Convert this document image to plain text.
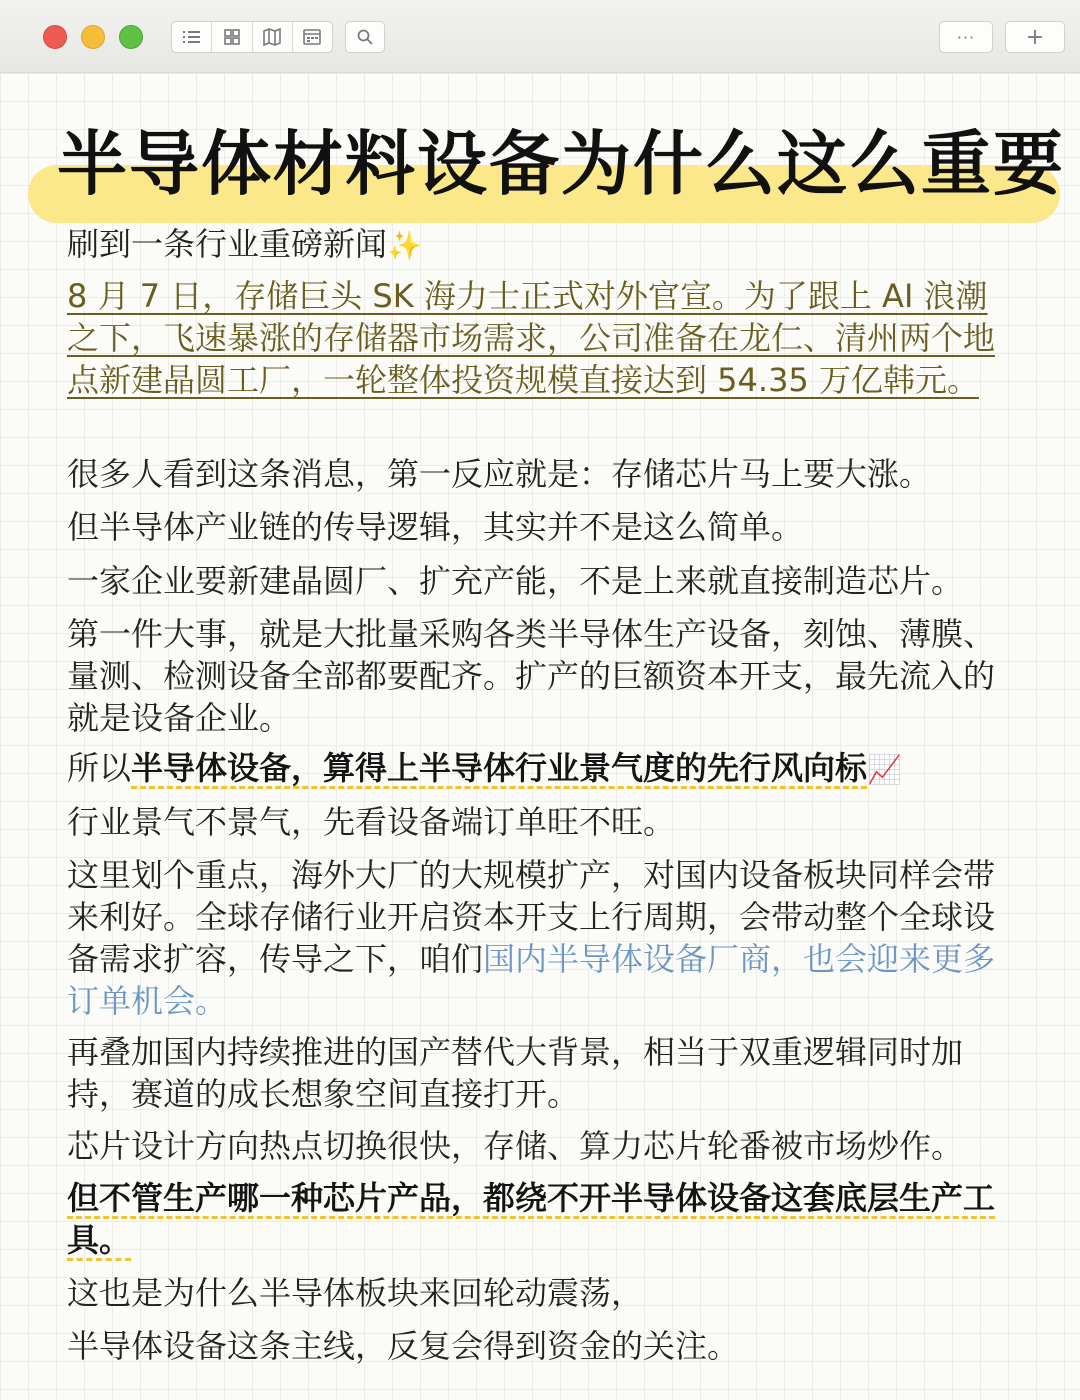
···	+
半导体材料设备为什么这么重要
刷到一条行业重磅新闻✨
8 月 7 日，存储巨头 SK 海力士正式对外官宣。为了跟上 AI 浪潮之下，飞速暴涨的存储器市场需求，公司准备在龙仁、清州两个地点新建晶圆工厂，一轮整体投资规模直接达到 54.35 万亿韩元。
很多人看到这条消息，第一反应就是：存储芯片马上要大涨。
但半导体产业链的传导逻辑，其实并不是这么简单。
一家企业要新建晶圆厂、扩充产能，不是上来就直接制造芯片。
第一件大事，就是大批量采购各类半导体生产设备，刻蚀、薄膜、量测、检测设备全部都要配齐。扩产的巨额资本开支，最先流入的就是设备企业。
所以半导体设备，算得上半导体行业景气度的先行风向标📈
行业景气不景气，先看设备端订单旺不旺。
这里划个重点，海外大厂的大规模扩产，对国内设备板块同样会带来利好。全球存储行业开启资本开支上行周期，会带动整个全球设备需求扩容，传导之下，咱们国内半导体设备厂商，也会迎来更多订单机会。
再叠加国内持续推进的国产替代大背景，相当于双重逻辑同时加持，赛道的成长想象空间直接打开。
芯片设计方向热点切换很快，存储、算力芯片轮番被市场炒作。
但不管生产哪一种芯片产品，都绕不开半导体设备这套底层生产工具。
这也是为什么半导体板块来回轮动震荡，
半导体设备这条主线，反复会得到资金的关注。
